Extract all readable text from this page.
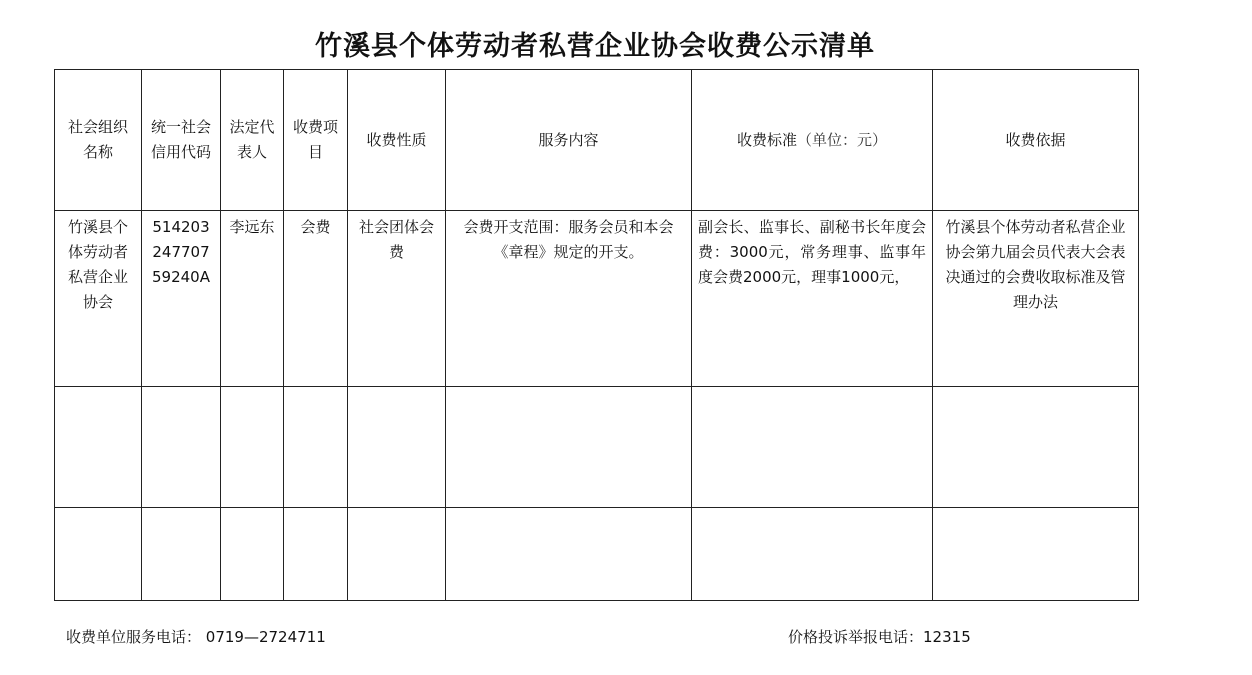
竹溪县个体劳动者私营企业协会收费公示清单
社会组织名称	统一社会信用代码	法定代表人	收费项目	收费性质	服务内容	收费标准（单位：元）	收费依据

竹溪县个体劳动者私营企业协会	51420324770759240A	李远东	会费	社会团体会费	会费开支范围：服务会员和本会《章程》规定的开支。	副会长、监事长、副秘书长年度会费：3000元，常务理事、监事年度会费2000元，理事1000元，	竹溪县个体劳动者私营企业协会第九届会员代表大会表决通过的会费收取标准及管理办法

收费单位服务电话： 0719—2724711	价格投诉举报电话：12315
